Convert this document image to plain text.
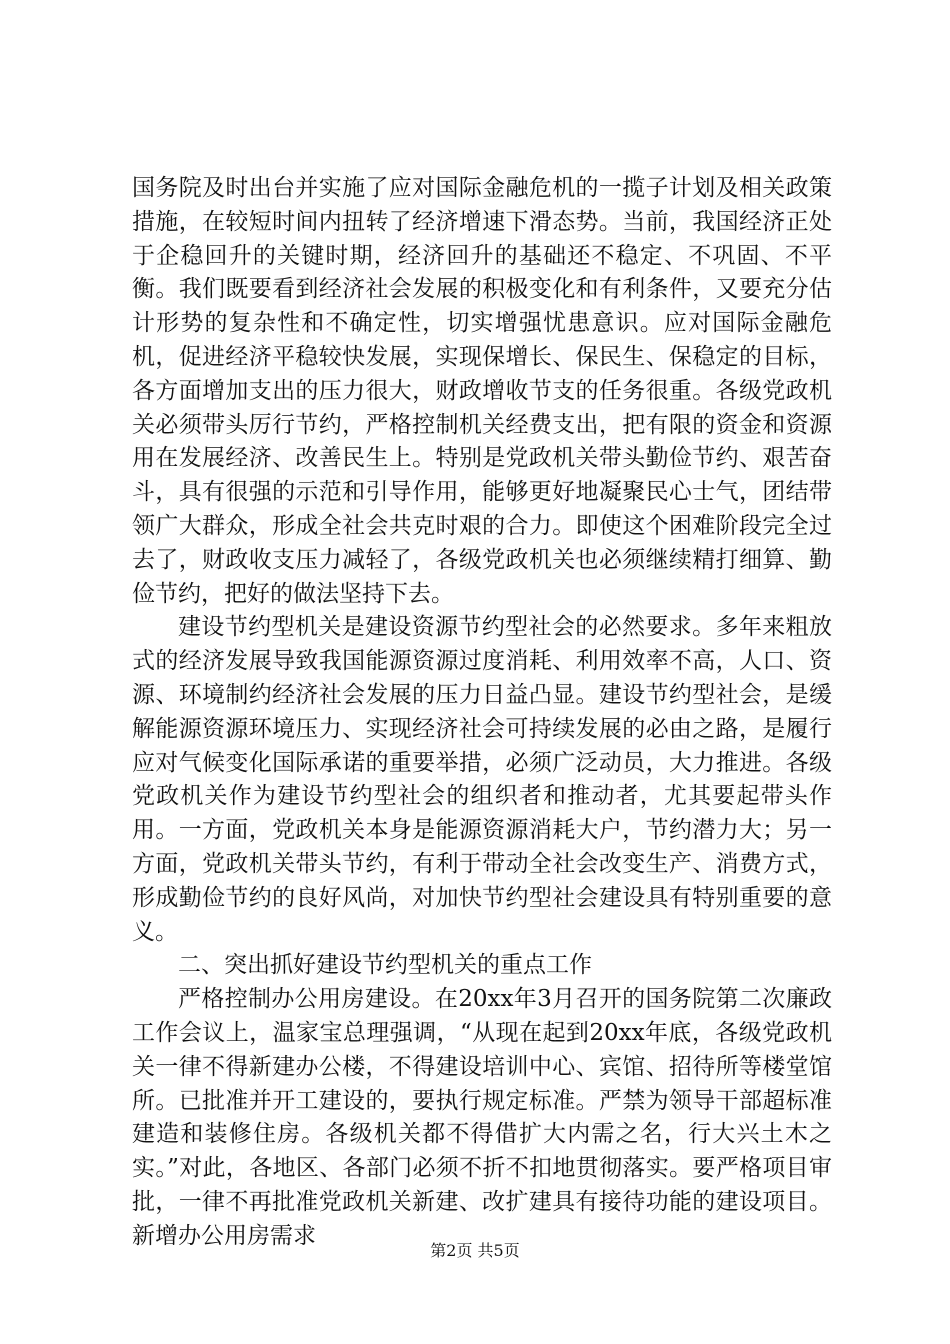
国务院及时出台并实施了应对国际金融危机的一揽子计划及相关政策措施，在较短时间内扭转了经济增速下滑态势。当前，我国经济正处于企稳回升的关键时期，经济回升的基础还不稳定、不巩固、不平衡。我们既要看到经济社会发展的积极变化和有利条件，又要充分估计形势的复杂性和不确定性，切实增强忧患意识。应对国际金融危机，促进经济平稳较快发展，实现保增长、保民生、保稳定的目标，各方面增加支出的压力很大，财政增收节支的任务很重。各级党政机关必须带头厉行节约，严格控制机关经费支出，把有限的资金和资源用在发展经济、改善民生上。特别是党政机关带头勤俭节约、艰苦奋斗，具有很强的示范和引导作用，能够更好地凝聚民心士气，团结带领广大群众，形成全社会共克时艰的合力。即使这个困难阶段完全过去了，财政收支压力减轻了，各级党政机关也必须继续精打细算、勤俭节约，把好的做法坚持下去。

建设节约型机关是建设资源节约型社会的必然要求。多年来粗放式的经济发展导致我国能源资源过度消耗、利用效率不高，人口、资源、环境制约经济社会发展的压力日益凸显。建设节约型社会，是缓解能源资源环境压力、实现经济社会可持续发展的必由之路，是履行应对气候变化国际承诺的重要举措，必须广泛动员，大力推进。各级党政机关作为建设节约型社会的组织者和推动者，尤其要起带头作用。一方面，党政机关本身是能源资源消耗大户，节约潜力大；另一方面，党政机关带头节约，有利于带动全社会改变生产、消费方式，形成勤俭节约的良好风尚，对加快节约型社会建设具有特别重要的意义。

二、突出抓好建设节约型机关的重点工作

严格控制办公用房建设。在20xx年3月召开的国务院第二次廉政工作会议上，温家宝总理强调，“从现在起到20xx年底，各级党政机关一律不得新建办公楼，不得建设培训中心、宾馆、招待所等楼堂馆所。已批准并开工建设的，要执行规定标准。严禁为领导干部超标准建造和装修住房。各级机关都不得借扩大内需之名，行大兴土木之实。”对此，各地区、各部门必须不折不扣地贯彻落实。要严格项目审批，一律不再批准党政机关新建、改扩建具有接待功能的建设项目。新增办公用房需求

第2页 共5页
